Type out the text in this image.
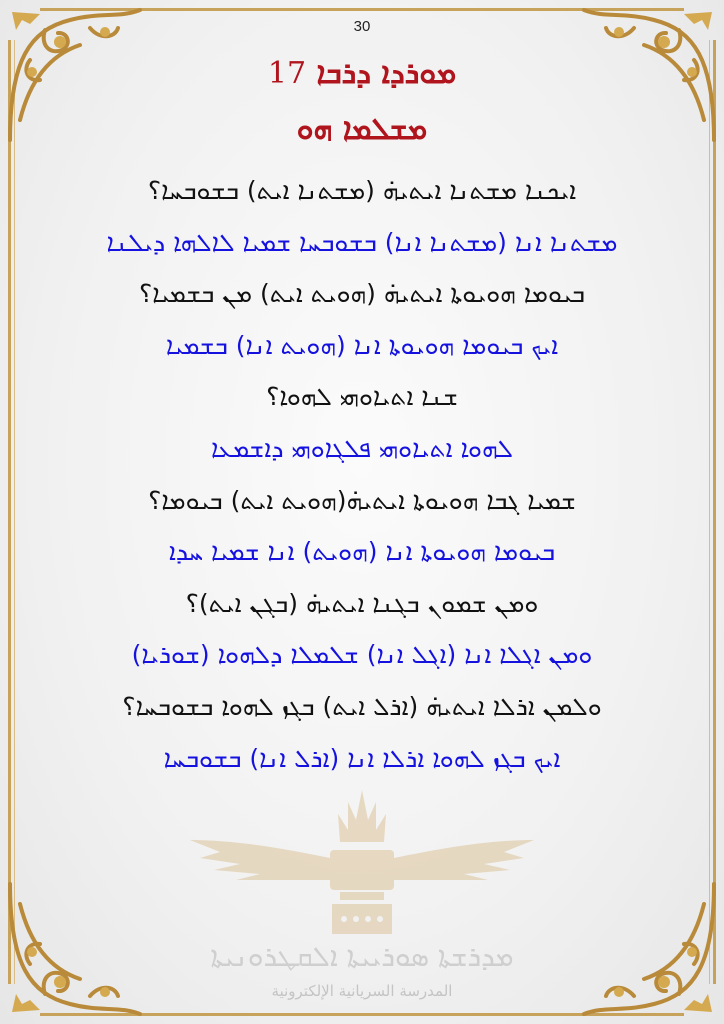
30
17 ܡܘܪܕܐ ܕܪܒܐ
ܡܫܠܡܐ ܗܘ
ܐܝܟܢܐ ܡܫܬܢܐ ܐܝܬܝܗ̇ (ܡܫܬܢܐ ܐܝܬ) ܒܫܘܒܚܐ؟
ܡܫܬܢܐ ܐܢܐ (ܡܫܬܢܐ ܐܢܐ) ܒܫܘܒܚܐ ܫܡܝܐ ܠܐܠܗܐ ܕܝܠܢܐ
ܒܝܘܡܐ ܗܘܝܘܬܐ ܐܝܬܝܗ̇ (ܗܘܝܬ ܐܝܬ) ܡܢ ܒܫܡܝܐ؟
ܐܝܟ ܒܝܘܡܐ ܗܘܝܘܬܐ ܐܢܐ (ܗܘܝܬ ܐܢܐ) ܒܫܡܝܐ
ܫܢܐ ܐܬܝܐܘܗܝ ܠܗܘܐ؟
ܠܗܘܐ ܐܬܝܐܘܗܝ ܦܠܓܐܘܗܝ ܕܐܫܡܥܐ
ܫܡܝܐ ܓܒܐ ܗܘܝܘܬܐ ܐܝܬܝܗ̇(ܗܘܝܬ ܐܝܬ) ܒܝܘܡܐ؟
ܒܝܘܡܐ ܗܘܝܘܬܐ ܐܢܐ (ܗܘܝܬ) ܐܢܐ ܫܡܝܐ ܚܕܐ
ܘܡܢ ܫܡܘܢ ܒܓܢܐ ܐܝܬܝܗ̇ (ܒܓܢ ܐܝܬ)؟
ܘܡܢ ܐܓܠܐ ܐܢܐ (ܐܓܠ ܐܢܐ) ܫܠܡܠܐ ܕܠܗܘܐ (ܫܘܪܝܐ)
ܘܠܡܢ ܐܪܠܐ ܐܝܬܝܗ̇ (ܐܪܠ ܐܝܬ) ܒܓܙ ܠܗܘܐ ܒܫܘܒܚܐ؟
ܐܝܟ ܒܓܙ ܠܗܘܐ ܐܪܠܐ ܐܢܐ (ܐܪܠ ܐܢܐ) ܒܫܘܒܚܐ
ܡܕܪܫܬܐ ܣܘܪܝܝܬܐ ܐܠܩܛܪܘܢܝܬܐ
المدرسة السريانية الإلكترونية
